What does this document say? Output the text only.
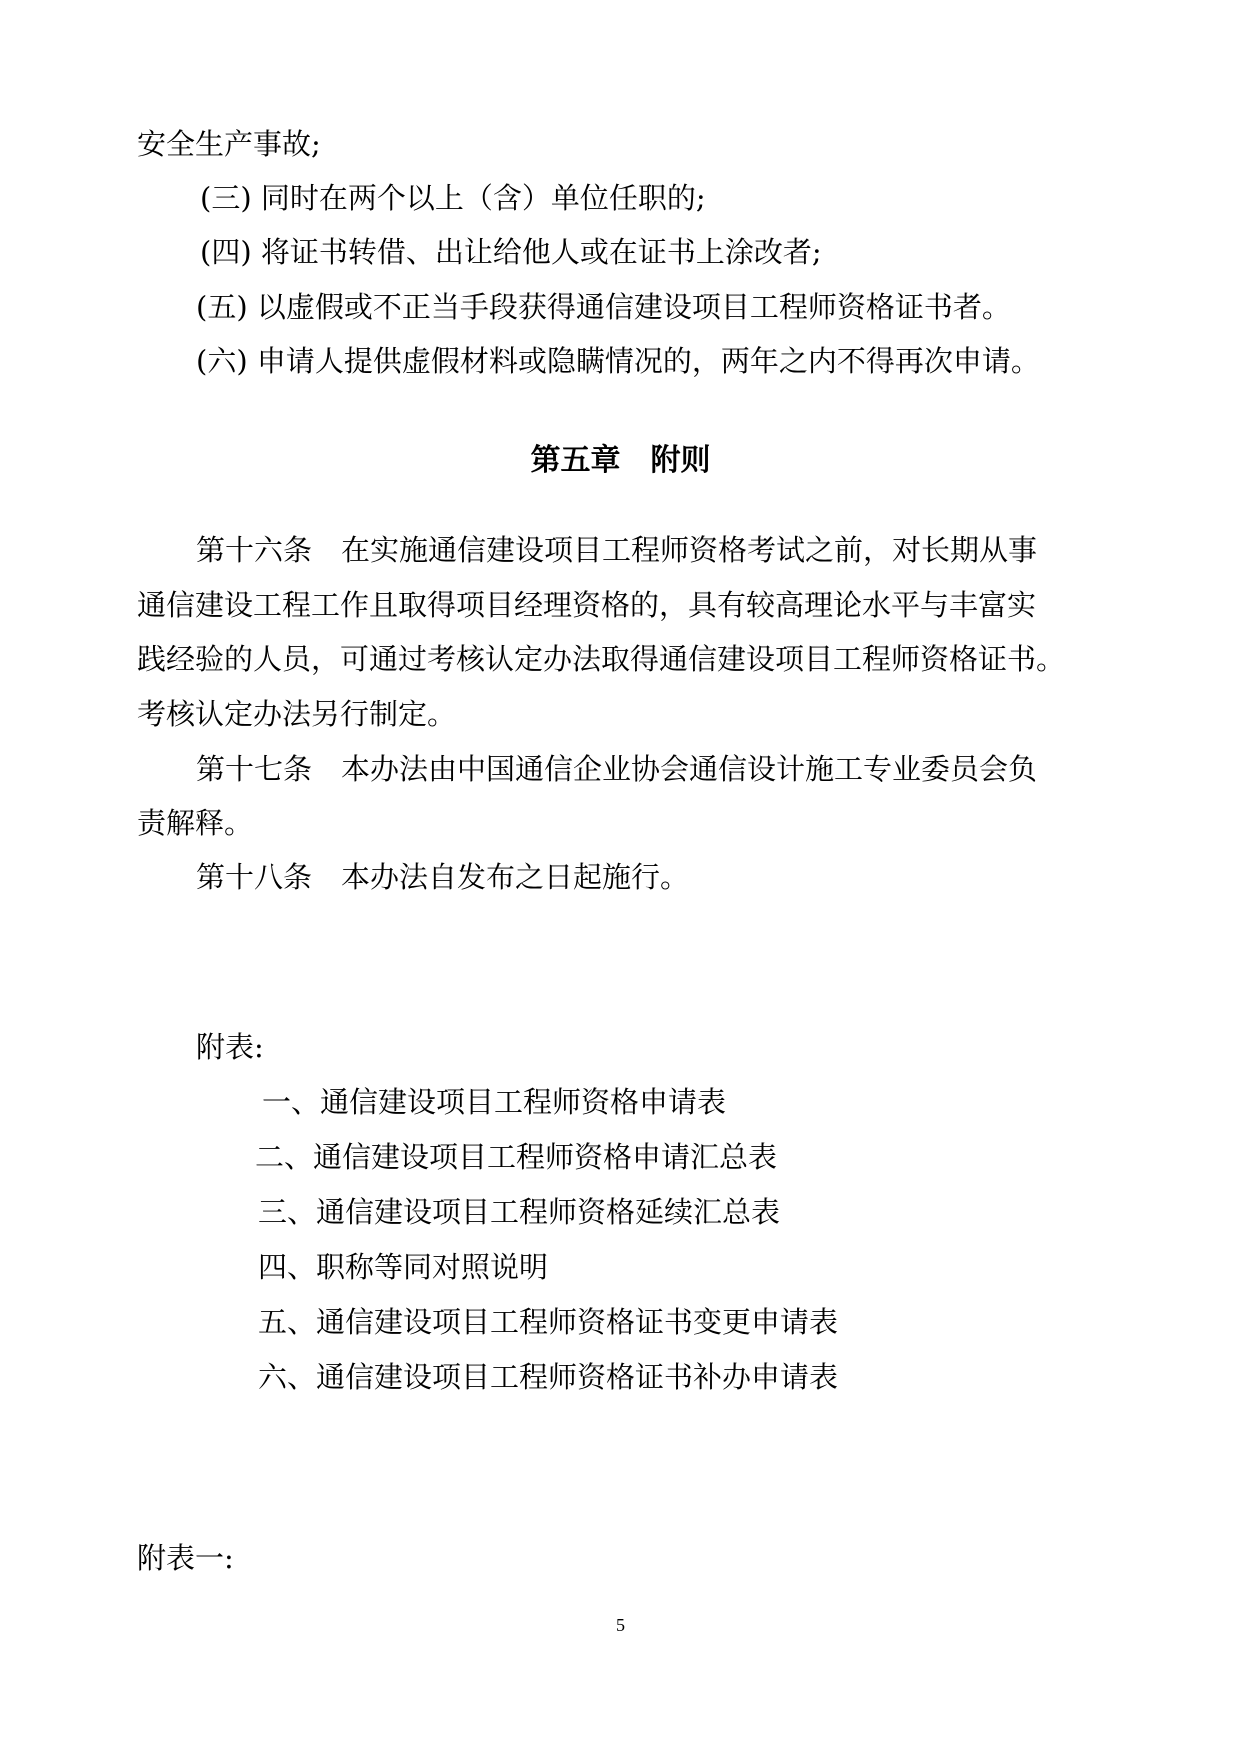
安全生产事故;
(三) 同时在两个以上（含）单位任职的;
(四) 将证书转借、出让给他人或在证书上涂改者;
(五) 以虚假或不正当手段获得通信建设项目工程师资格证书者。
(六) 申请人提供虚假材料或隐瞒情况的，两年之内不得再次申请。
第五章　附则
第十六条　在实施通信建设项目工程师资格考试之前，对长期从事
通信建设工程工作且取得项目经理资格的，具有较高理论水平与丰富实
践经验的人员，可通过考核认定办法取得通信建设项目工程师资格证书。
考核认定办法另行制定。
第十七条　本办法由中国通信企业协会通信设计施工专业委员会负
责解释。
第十八条　本办法自发布之日起施行。
附表:
一、通信建设项目工程师资格申请表
二、通信建设项目工程师资格申请汇总表
三、通信建设项目工程师资格延续汇总表
四、职称等同对照说明
五、通信建设项目工程师资格证书变更申请表
六、通信建设项目工程师资格证书补办申请表
附表一:
5
